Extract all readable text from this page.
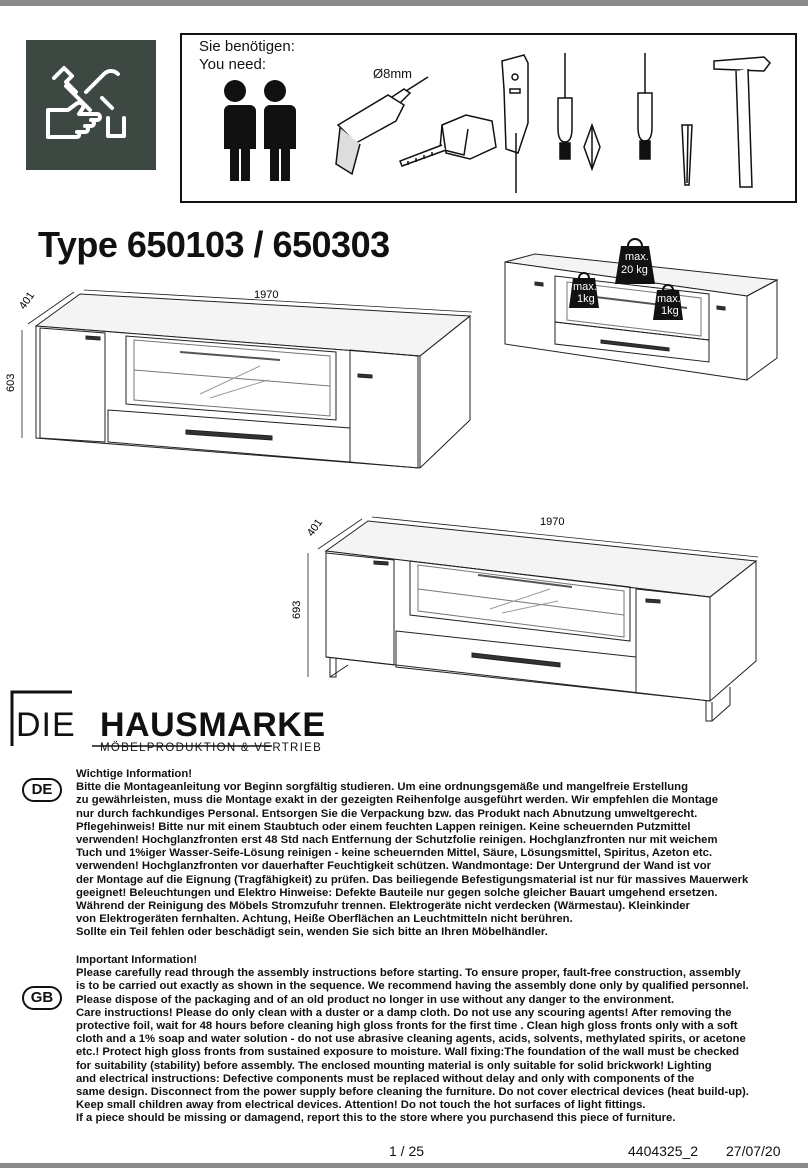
Sie benötigen:
You need:
Ø8mm
Type 650103 / 650303
1970
401
603
max.
20 kg
max.
1kg	max.
1kg
1970
401
693
DIE HAUSMARKE
MÖBELPRODUKTION & VERTRIEB
DE

Wichtige Information!

Bitte die Montageanleitung vor Beginn sorgfältig studieren. Um eine ordnungsgemäße und mangelfreie Erstellung

zu gewährleisten, muss die Montage exakt in der gezeigten Reihenfolge ausgeführt werden. Wir empfehlen die Montage

nur durch fachkundiges Personal. Entsorgen Sie die Verpackung bzw. das Produkt nach Abnutzung umweltgerecht.

Pflegehinweis! Bitte nur mit einem Staubtuch oder einem feuchten Lappen reinigen. Keine scheuernden Putzmittel

verwenden! Hochglanzfronten erst 48 Std nach Entfernung der Schutzfolie reinigen. Hochglanzfronten nur mit weichem

Tuch und 1%iger Wasser-Seife-Lösung reinigen - keine scheuernden Mittel, Säure, Lösungsmittel, Spiritus, Azeton etc.

verwenden! Hochglanzfronten vor dauerhafter Feuchtigkeit schützen. Wandmontage: Der Untergrund der Wand ist vor

der Montage auf die Eignung (Tragfähigkeit) zu prüfen. Das beiliegende Befestigungsmaterial ist nur für massives Mauerwerk

geeignet! Beleuchtungen und Elektro Hinweise: Defekte Bauteile nur gegen solche gleicher Bauart umgehend ersetzen.

Während der Reinigung des Möbels Stromzufuhr trennen. Elektrogeräte nicht verdecken (Wärmestau). Kleinkinder

von Elektrogeräten fernhalten. Achtung, Heiße Oberflächen an Leuchtmitteln nicht berühren.

Sollte ein Teil fehlen oder beschädigt sein, wenden Sie sich bitte an Ihren Möbelhändler.

GB

Important Information!

Please carefully read through the assembly instructions before starting. To ensure proper, fault-free construction, assembly

is to be carried out exactly as shown in the sequence. We recommend having the assembly done only by qualified personnel.

Please dispose of the packaging and of an old product no longer in use without any danger to the environment.

Care instructions! Please do only clean with a duster or a damp cloth. Do not use any scouring agents! After removing the

protective foil, wait for 48 hours before cleaning high gloss fronts for the first time . Clean high gloss fronts only with a soft

cloth and a 1% soap and water solution - do not use abrasive cleaning agents, acids, solvents, methylated spirits, or acetone

etc.! Protect high gloss fronts from sustained exposure to moisture. Wall fixing:The foundation of the wall must be checked

for suitability (stability) before assembly. The enclosed mounting material is only suitable for solid brickwork! Lighting

and electrical instructions: Defective components must be replaced without delay and only with components of the

same design. Disconnect from the power supply before cleaning the furniture. Do not cover electrical devices (heat build-up).

Keep small children away from electrical devices. Attention! Do not touch the hot surfaces of light fittings.

If a piece should be missing or damagend, report this to the store where you purchasend this piece of furniture.

1 / 25	4404325_2 27/07/20
